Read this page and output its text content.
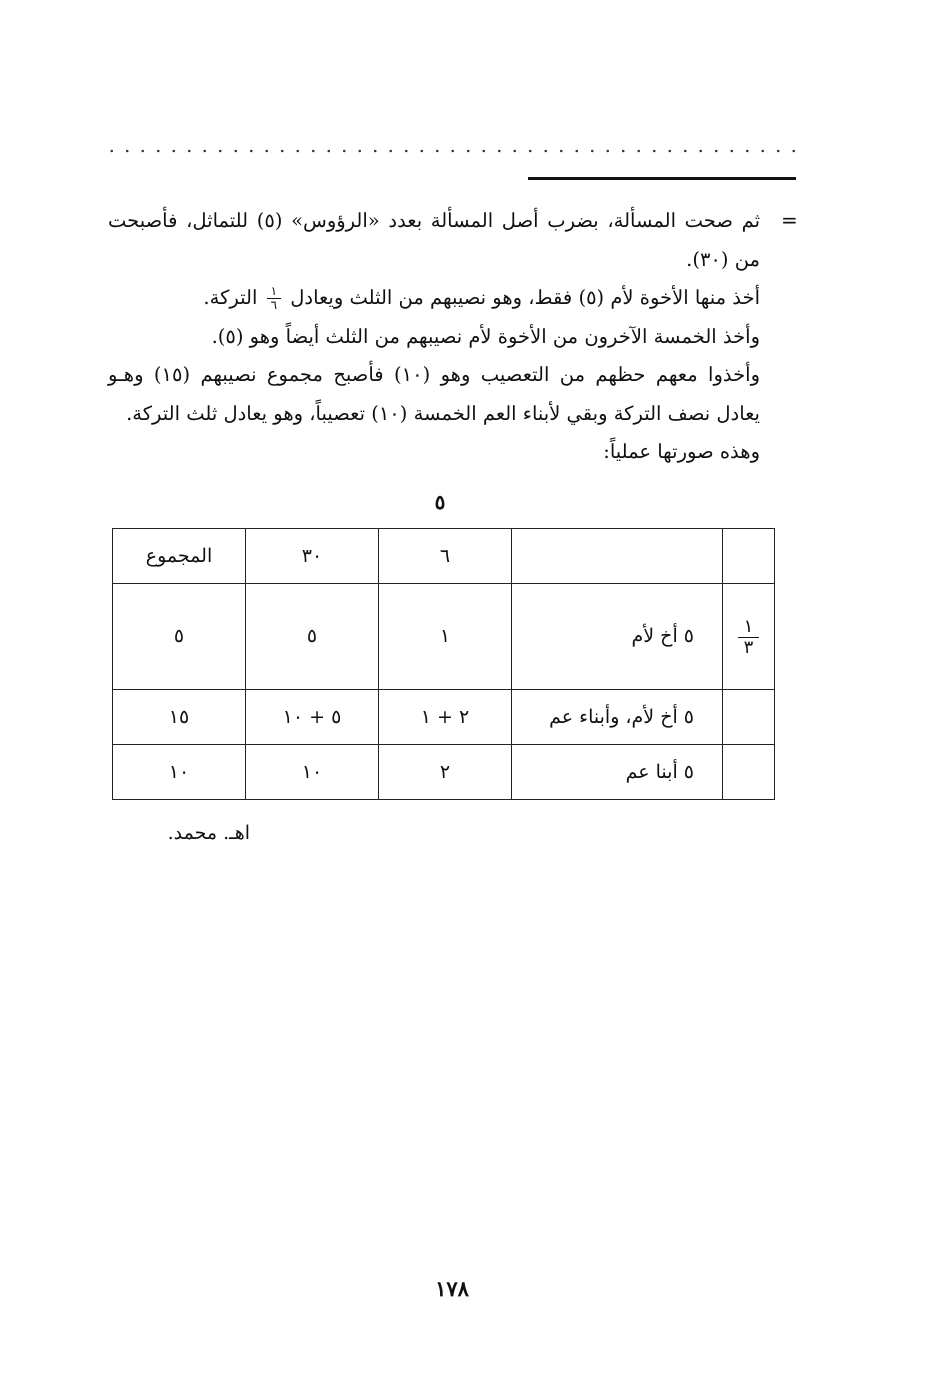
=

ثم صحت المسألة، بضرب أصل المسألة بعدد «الرؤوس» (٥) للتماثل، فأصبحت من (٣٠).

أخذ منها الأخوة لأم (٥) فقط، وهو نصيبهم من الثلث ويعادل
$\frac{١}{٦}$
التركة.

وأخذ الخمسة الآخرون من الأخوة لأم نصيبهم من الثلث أيضاً وهو (٥).

وأخذوا معهم حظهم من التعصيب وهو (١٠) فأصبح مجموع نصيبهم (١٥) وهـو يعادل نصف التركة وبقي لأبناء العم الخمسة (١٠) تعصيباً، وهو يعادل ثلث التركة.

وهذه صورتها عملياً:

٥
		٦	٣٠	المجموع

$\frac{١}{٣}$	٥ أخ لأم	١	٥	٥
	٥ أخ لأم، وأبناء عم	٢ + ١	٥ + ١٠	١٥
	٥ أبنا عم	٢	١٠	١٠
اهـ. محمد.
١٧٨
